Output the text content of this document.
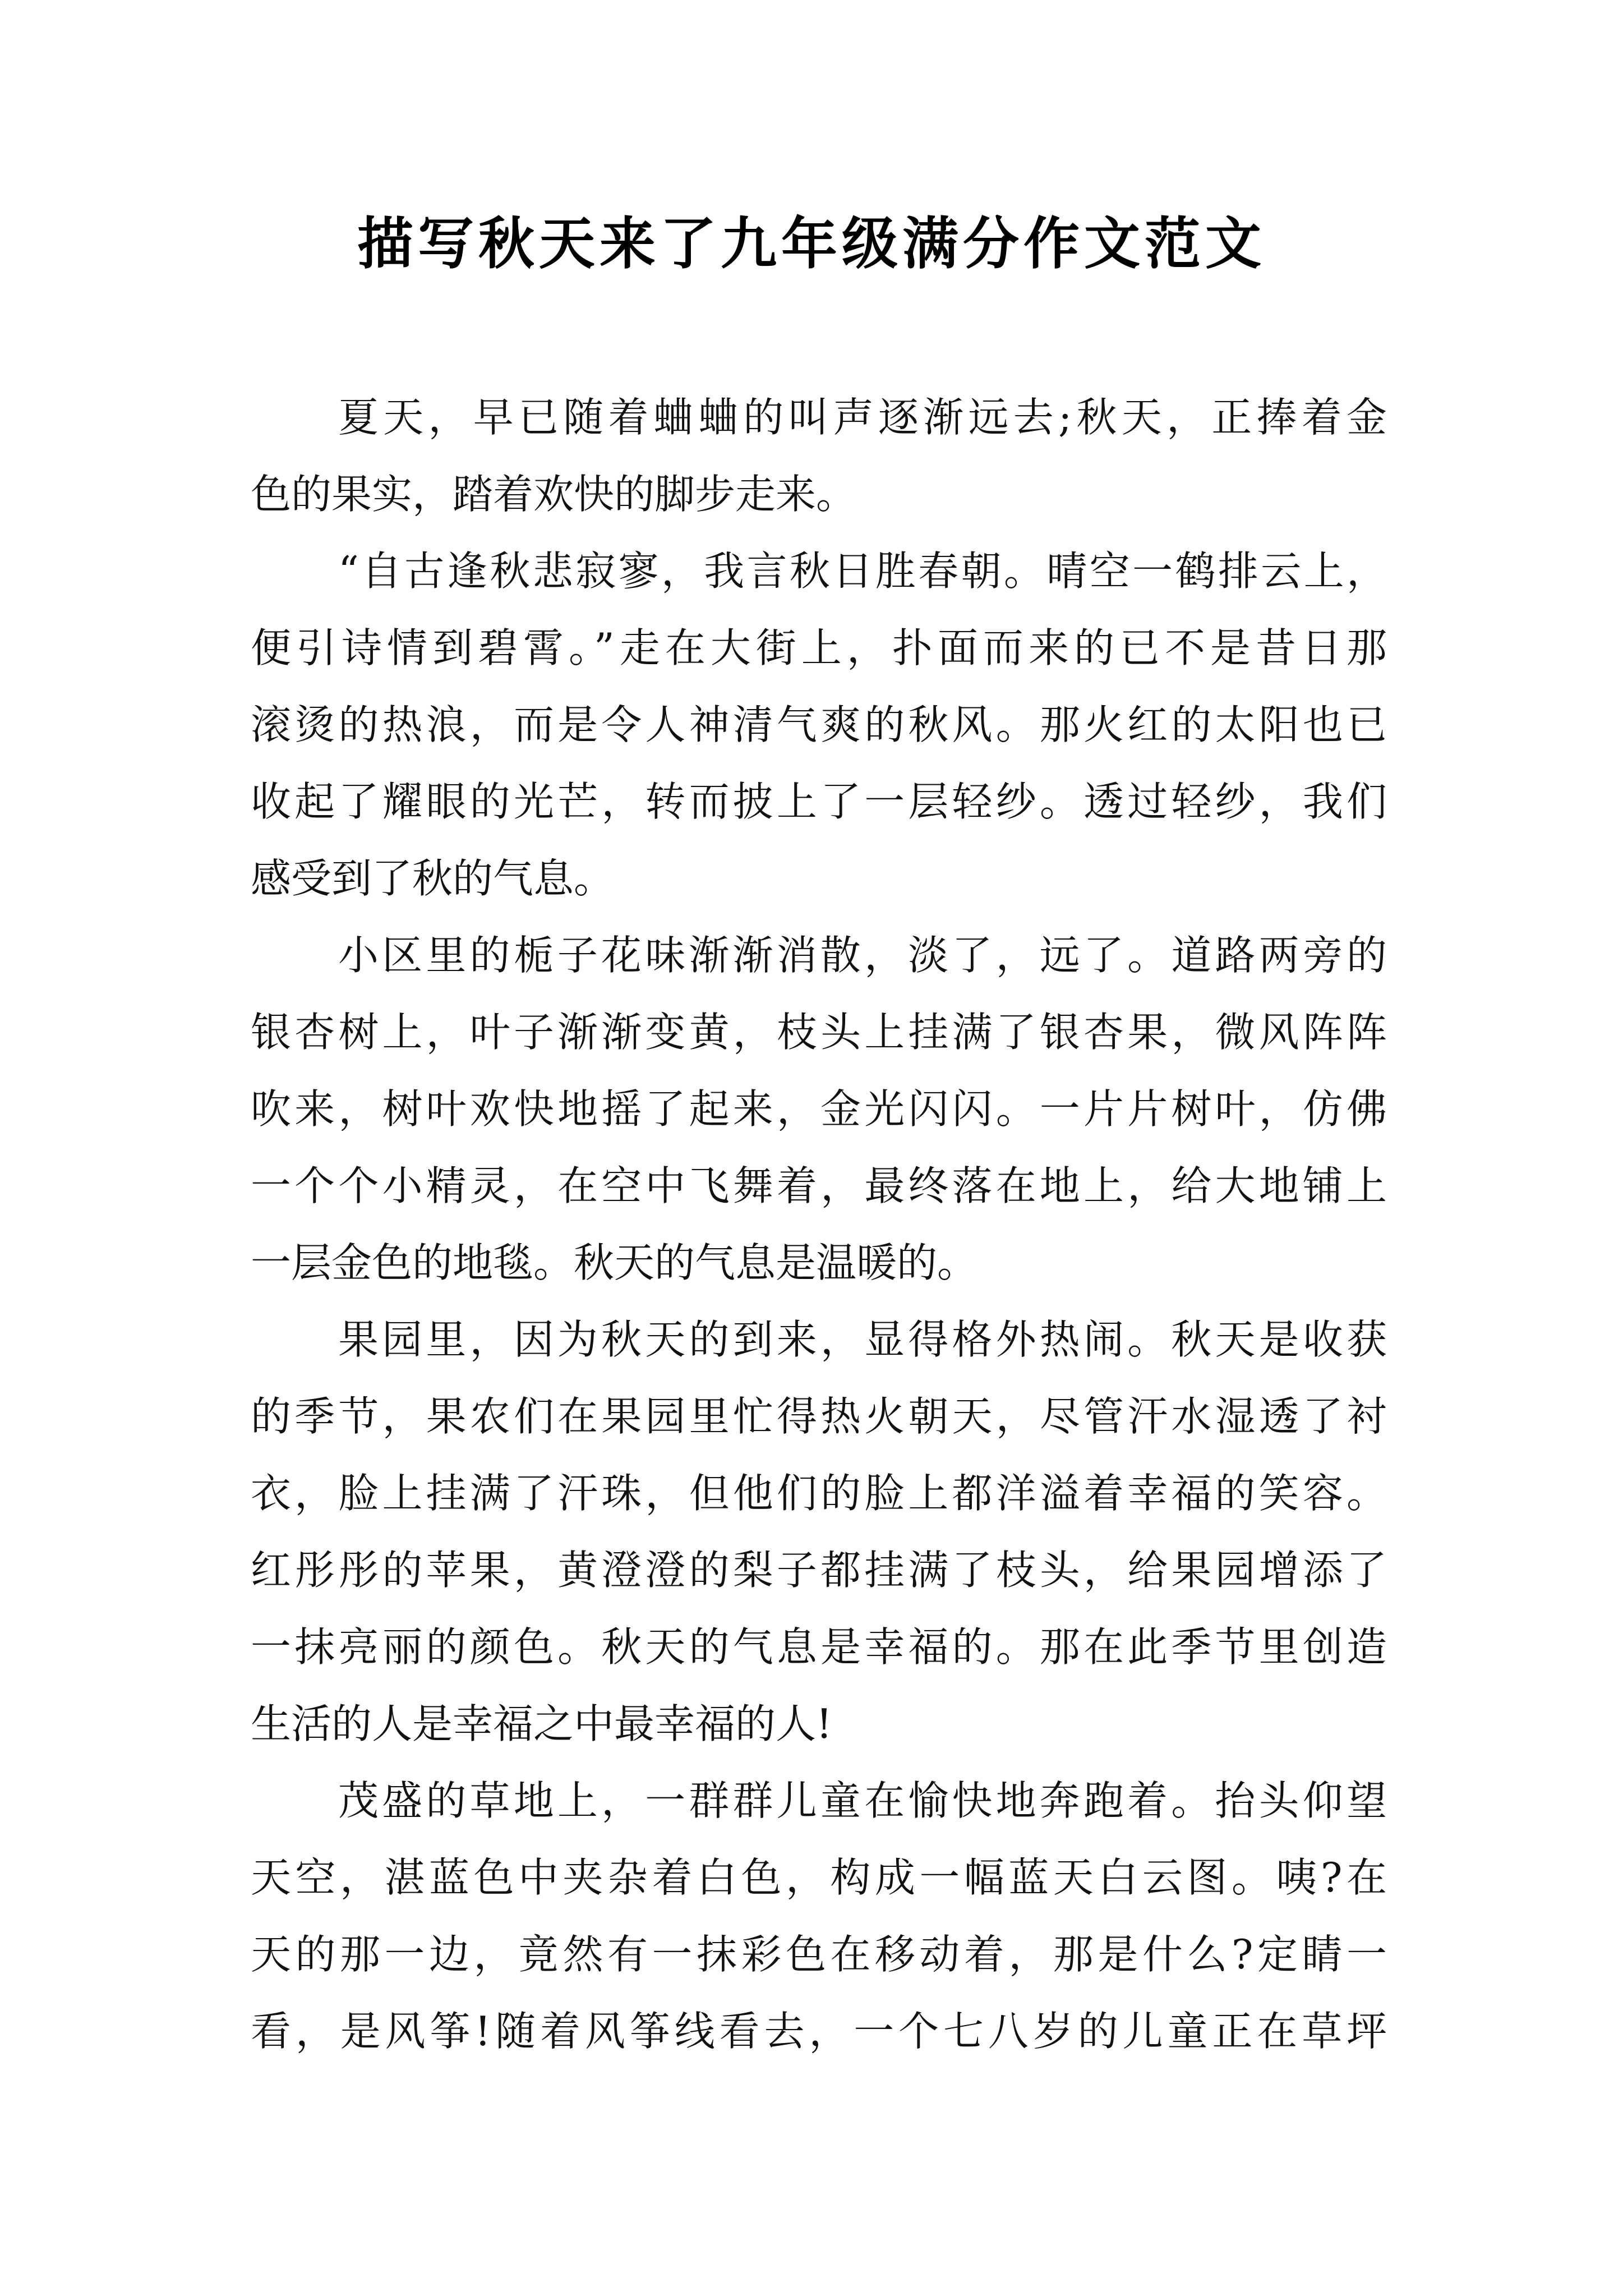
描写秋天来了九年级满分作文范文
夏天，早已随着蛐蛐的叫声逐渐远去;秋天，正捧着金
色的果实，踏着欢快的脚步走来。
“自古逢秋悲寂寥，我言秋日胜春朝。晴空一鹤排云上，
便引诗情到碧霄。”走在大街上，扑面而来的已不是昔日那
滚烫的热浪，而是令人神清气爽的秋风。那火红的太阳也已
收起了耀眼的光芒，转而披上了一层轻纱。透过轻纱，我们
感受到了秋的气息。
小区里的栀子花味渐渐消散，淡了，远了。道路两旁的
银杏树上，叶子渐渐变黄，枝头上挂满了银杏果，微风阵阵
吹来，树叶欢快地摇了起来，金光闪闪。一片片树叶，仿佛
一个个小精灵，在空中飞舞着，最终落在地上，给大地铺上
一层金色的地毯。秋天的气息是温暖的。
果园里，因为秋天的到来，显得格外热闹。秋天是收获
的季节，果农们在果园里忙得热火朝天，尽管汗水湿透了衬
衣，脸上挂满了汗珠，但他们的脸上都洋溢着幸福的笑容。
红彤彤的苹果，黄澄澄的梨子都挂满了枝头，给果园增添了
一抹亮丽的颜色。秋天的气息是幸福的。那在此季节里创造
生活的人是幸福之中最幸福的人!
茂盛的草地上，一群群儿童在愉快地奔跑着。抬头仰望
天空，湛蓝色中夹杂着白色，构成一幅蓝天白云图。咦?在
天的那一边，竟然有一抹彩色在移动着，那是什么?定睛一
看，是风筝!随着风筝线看去，一个七八岁的儿童正在草坪
